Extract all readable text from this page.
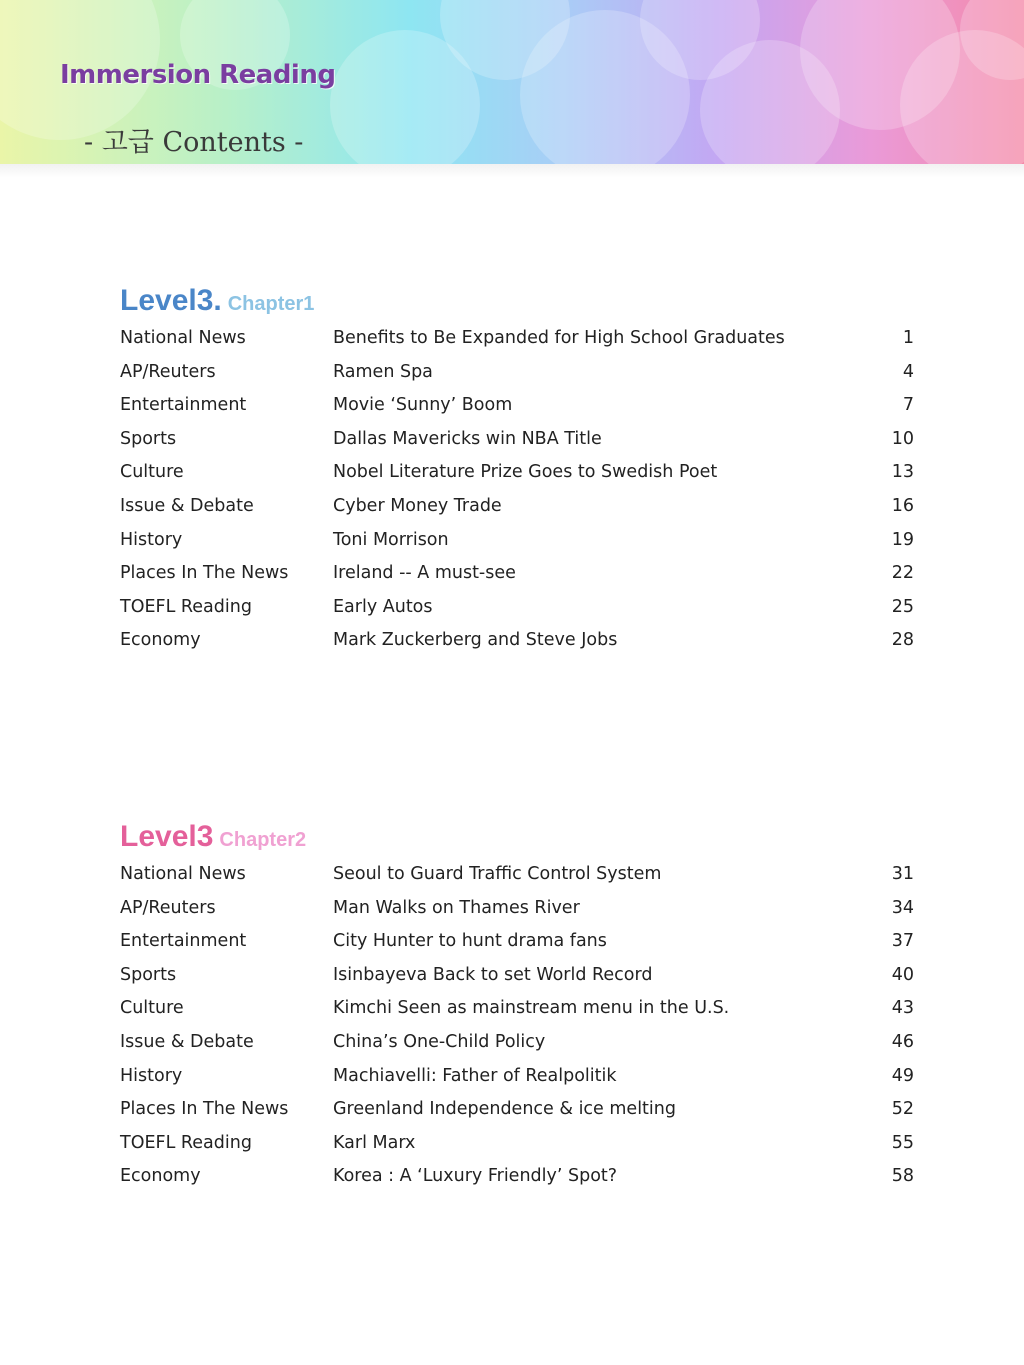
Immersion Reading
- 고급 Contents -
Level3. Chapter1
National News	Benefits to Be Expanded for High School Graduates	1
AP/Reuters	Ramen Spa	4
Entertainment	Movie ‘Sunny’ Boom	7
Sports	Dallas Mavericks win NBA Title	10
Culture	Nobel Literature Prize Goes to Swedish Poet	13
Issue & Debate	Cyber Money Trade	16
History	Toni Morrison	19
Places In The News	Ireland -- A must-see	22
TOEFL Reading	Early Autos	25
Economy	Mark Zuckerberg and Steve Jobs	28
Level3 Chapter2
National News	Seoul to Guard Traffic Control System	31
AP/Reuters	Man Walks on Thames River	34
Entertainment	City Hunter to hunt drama fans	37
Sports	Isinbayeva Back to set World Record	40
Culture	Kimchi Seen as mainstream menu in the U.S.	43
Issue & Debate	China’s One-Child Policy	46
History	Machiavelli: Father of Realpolitik	49
Places In The News	Greenland Independence & ice melting	52
TOEFL Reading	Karl Marx	55
Economy	Korea : A ‘Luxury Friendly’ Spot?	58
